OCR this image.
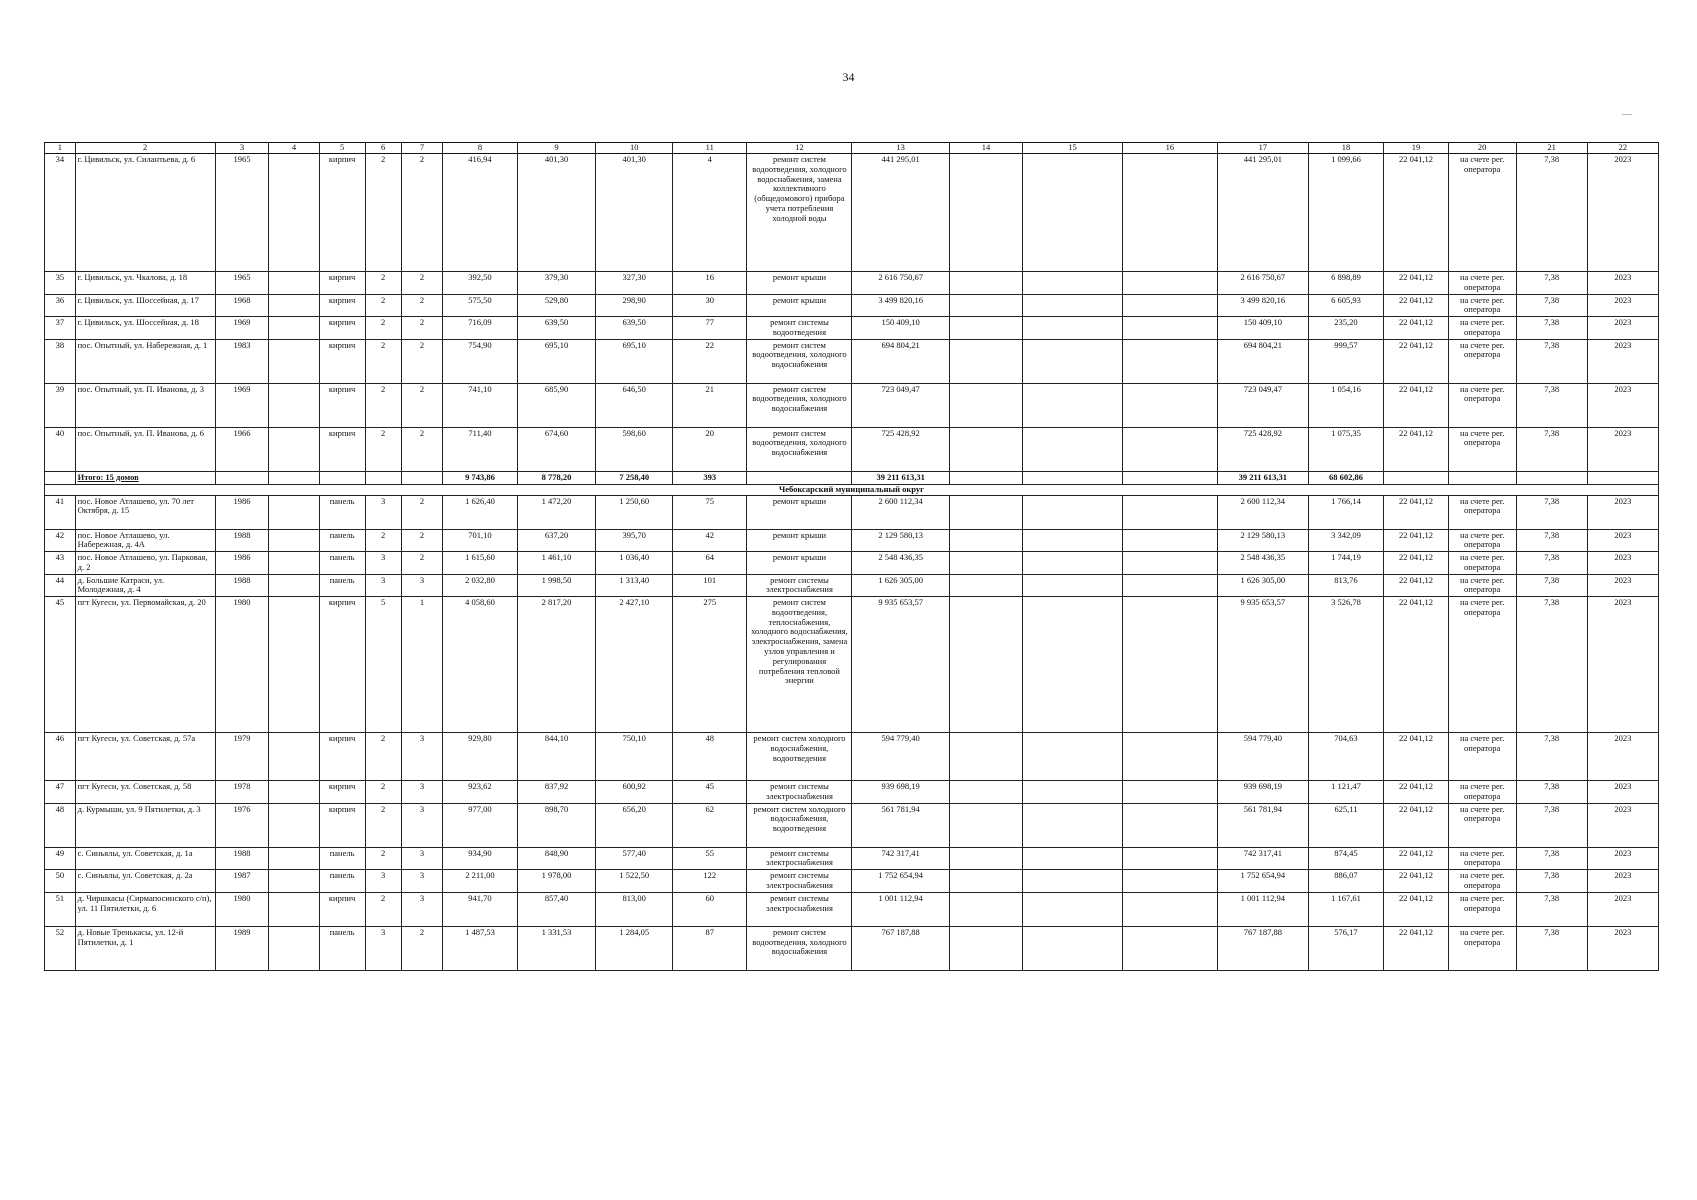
34
1	2	3	4	5	6	7	8	9	10	11	12	13	14	15	16	17	18	19	20	21	22
34	г. Цивильск, ул. Силантьева, д. 6	1965		кирпич	2	2	416,94	401,30	401,30	4	ремонт систем водоотведения, холодного водоснабжения, замена коллективного (общедомового) прибора учета потребления холодной воды	441 295,01				441 295,01	1 099,66	22 041,12	на счете рег. оператора	7,38	2023
35	г. Цивильск, ул. Чкалова, д. 18	1965		кирпич	2	2	392,50	379,30	327,30	16	ремонт крыши	2 616 750,67				2 616 750,67	6 898,89	22 041,12	на счете рег. оператора	7,38	2023
36	г. Цивильск, ул. Шоссейная, д. 17	1968		кирпич	2	2	575,50	529,80	298,90	30	ремонт крыши	3 499 820,16				3 499 820,16	6 605,93	22 041,12	на счете рег. оператора	7,38	2023
37	г. Цивильск, ул. Шоссейная, д. 18	1969		кирпич	2	2	716,09	639,50	639,50	77	ремонт системы водоотведения	150 409,10				150 409,10	235,20	22 041,12	на счете рег. оператора	7,38	2023
38	пос. Опытный, ул. Набережная, д. 1	1983		кирпич	2	2	754,90	695,10	695,10	22	ремонт систем водоотведения, холодного водоснабжения	694 804,21				694 804,21	999,57	22 041,12	на счете рег. оператора	7,38	2023
39	пос. Опытный, ул. П. Иванова, д. 3	1969		кирпич	2	2	741,10	685,90	646,50	21	ремонт систем водоотведения, холодного водоснабжения	723 049,47				723 049,47	1 054,16	22 041,12	на счете рег. оператора	7,38	2023
40	пос. Опытный, ул. П. Иванова, д. 6	1966		кирпич	2	2	711,40	674,60	598,60	20	ремонт систем водоотведения, холодного водоснабжения	725 428,92				725 428,92	1 075,35	22 041,12	на счете рег. оператора	7,38	2023
	Итого: 15 домов						9 743,86	8 778,20	7 258,40	393		39 211 613,31				39 211 613,31	68 602,86				
Чебоксарский муниципальный округ																					
41	пос. Новое Атлашево, ул. 70 лет Октября, д. 15	1986		панель	3	2	1 626,40	1 472,20	1 250,60	75	ремонт крыши	2 600 112,34				2 600 112,34	1 766,14	22 041,12	на счете рег. оператора	7,38	2023
42	пос. Новое Атлашево, ул. Набережная, д. 4А	1988		панель	2	2	701,10	637,20	395,70	42	ремонт крыши	2 129 580,13				2 129 580,13	3 342,09	22 041,12	на счете рег. оператора	7,38	2023
43	пос. Новое Атлашево, ул. Парковая, д. 2	1986		панель	3	2	1 615,60	1 461,10	1 036,40	64	ремонт крыши	2 548 436,35				2 548 436,35	1 744,19	22 041,12	на счете рег. оператора	7,38	2023
44	д. Большие Катраси, ул. Молодежная, д. 4	1988		панель	3	3	2 032,80	1 998,50	1 313,40	101	ремонт системы электроснабжения	1 626 305,00				1 626 305,00	813,76	22 041,12	на счете рег. оператора	7,38	2023
45	пгт Кугеси, ул. Первомайская, д. 20	1980		кирпич	5	1	4 058,60	2 817,20	2 427,10	275	ремонт систем водоотведения, теплоснабжения, холодного водоснабжения, электроснабжения, замена узлов управления и регулирования потребления тепловой энергии	9 935 653,57				9 935 653,57	3 526,78	22 041,12	на счете рег. оператора	7,38	2023
46	пгт Кугеси, ул. Советская, д. 57а	1979		кирпич	2	3	929,80	844,10	750,10	48	ремонт систем холодного водоснабжения, водоотведения	594 779,40				594 779,40	704,63	22 041,12	на счете рег. оператора	7,38	2023
47	пгт Кугеси, ул. Советская, д. 58	1978		кирпич	2	3	923,62	837,92	600,92	45	ремонт системы электроснабжения	939 698,19				939 698,19	1 121,47	22 041,12	на счете рег. оператора	7,38	2023
48	д. Курмыши, ул. 9 Пятилетки, д. 3	1976		кирпич	2	3	977,00	898,70	656,20	62	ремонт систем холодного водоснабжения, водоотведения	561 781,94				561 781,94	625,11	22 041,12	на счете рег. оператора	7,38	2023
49	с. Синьялы, ул. Советская, д. 1а	1988		панель	2	3	934,90	848,90	577,40	55	ремонт системы электроснабжения	742 317,41				742 317,41	874,45	22 041,12	на счете рег. оператора	7,38	2023
50	с. Синьялы, ул. Советская, д. 2а	1987		панель	3	3	2 211,00	1 978,00	1 522,50	122	ремонт системы электроснабжения	1 752 654,94				1 752 654,94	886,07	22 041,12	на счете рег. оператора	7,38	2023
51	д. Чиршкасы (Сирмапосинского с/п), ул. 11 Пятилетки, д. 6	1980		кирпич	2	3	941,70	857,40	813,00	60	ремонт системы электроснабжения	1 001 112,94				1 001 112,94	1 167,61	22 041,12	на счете рег. оператора	7,38	2023
52	д. Новые Тренькасы, ул. 12-й Пятилетки, д. 1	1989		панель	3	2	1 487,53	1 331,53	1 284,05	87	ремонт систем водоотведения, холодного водоснабжения	767 187,88				767 187,88	576,17	22 041,12	на счете рег. оператора	7,38	2023
